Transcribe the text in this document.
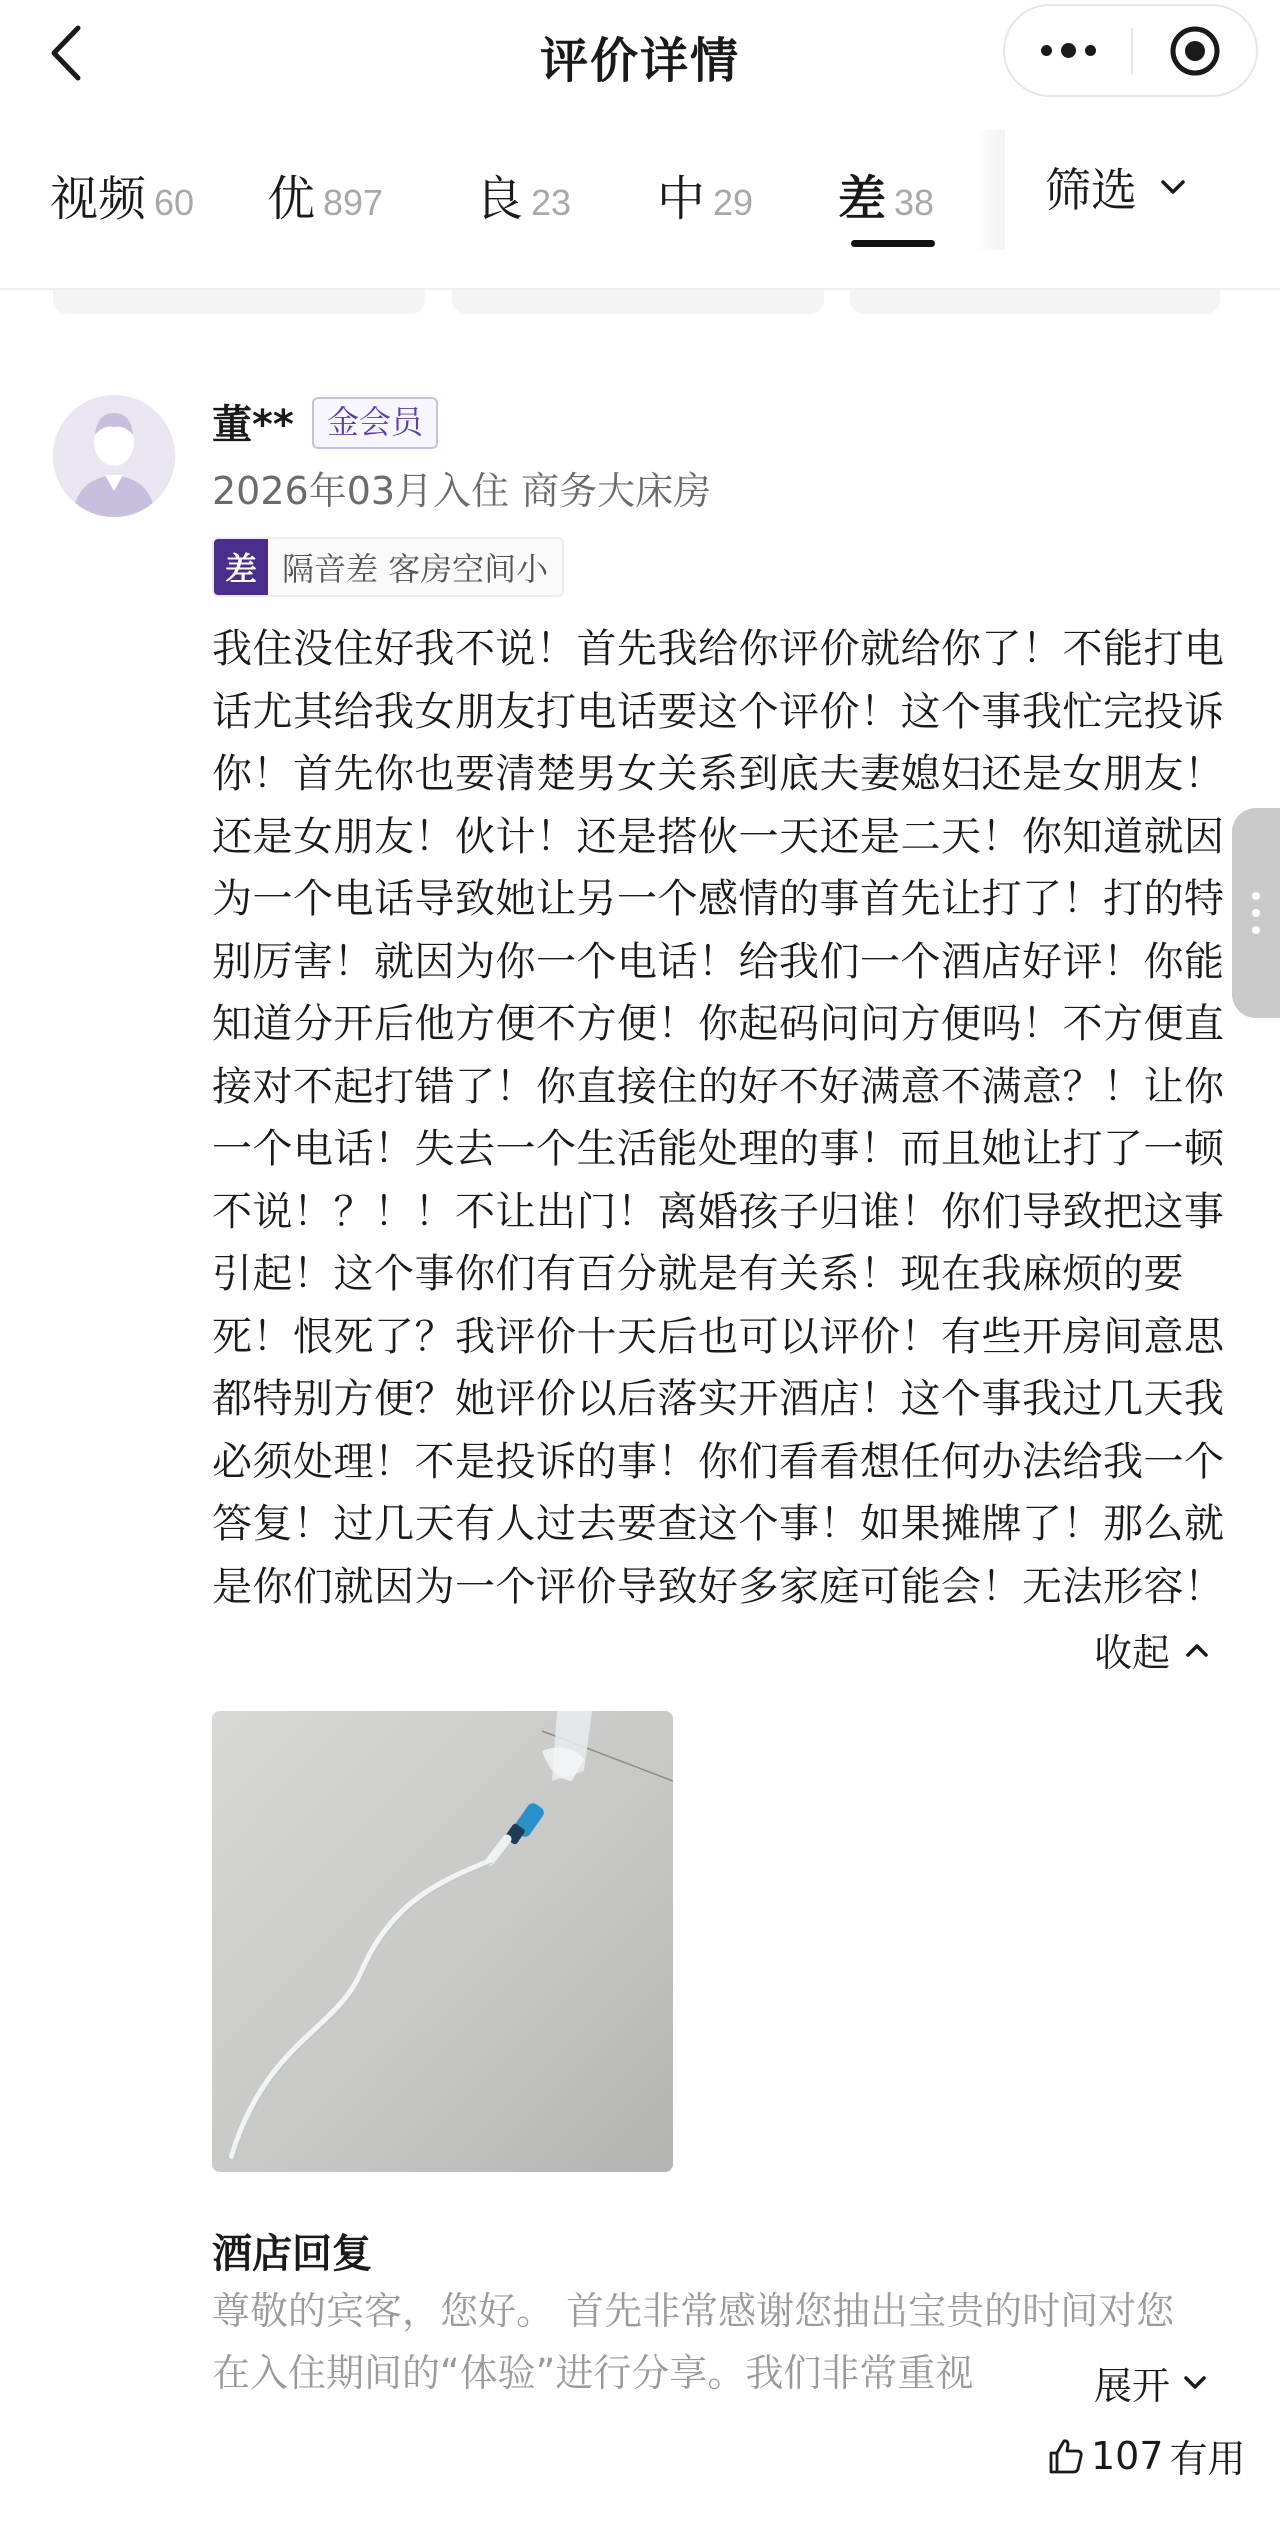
评价详情
视频 60 优 897 良 23 中 29 差 38 筛选
董**	金会员
2026年03月入住 商务大床房
差 隔音差 客房空间小
我住没住好我不说！首先我给你评价就给你了！不能打电话尤其给我女朋友打电话要这个评价！这个事我忙完投诉你！首先你也要清楚男女关系到底夫妻媳妇还是女朋友！还是女朋友！伙计！还是搭伙一天还是二天！你知道就因为一个电话导致她让另一个感情的事首先让打了！打的特别厉害！就因为你一个电话！给我们一个酒店好评！你能知道分开后他方便不方便！你起码问问方便吗！不方便直接对不起打错了！你直接住的好不好满意不满意？！让你一个电话！失去一个生活能处理的事！而且她让打了一顿不说！？！！不让出门！离婚孩子归谁！你们导致把这事引起！这个事你们有百分就是有关系！现在我麻烦的要死！恨死了？我评价十天后也可以评价！有些开房间意思都特别方便？她评价以后落实开酒店！这个事我过几天我必须处理！不是投诉的事！你们看看想任何办法给我一个答复！过几天有人过去要查这个事！如果摊牌了！那么就是你们就因为一个评价导致好多家庭可能会！无法形容！
收起
酒店回复
尊敬的宾客，您好。 首先非常感谢您抽出宝贵的时间对您在入住期间的“体验”进行分享。我们非常重视	展开
107 有用
